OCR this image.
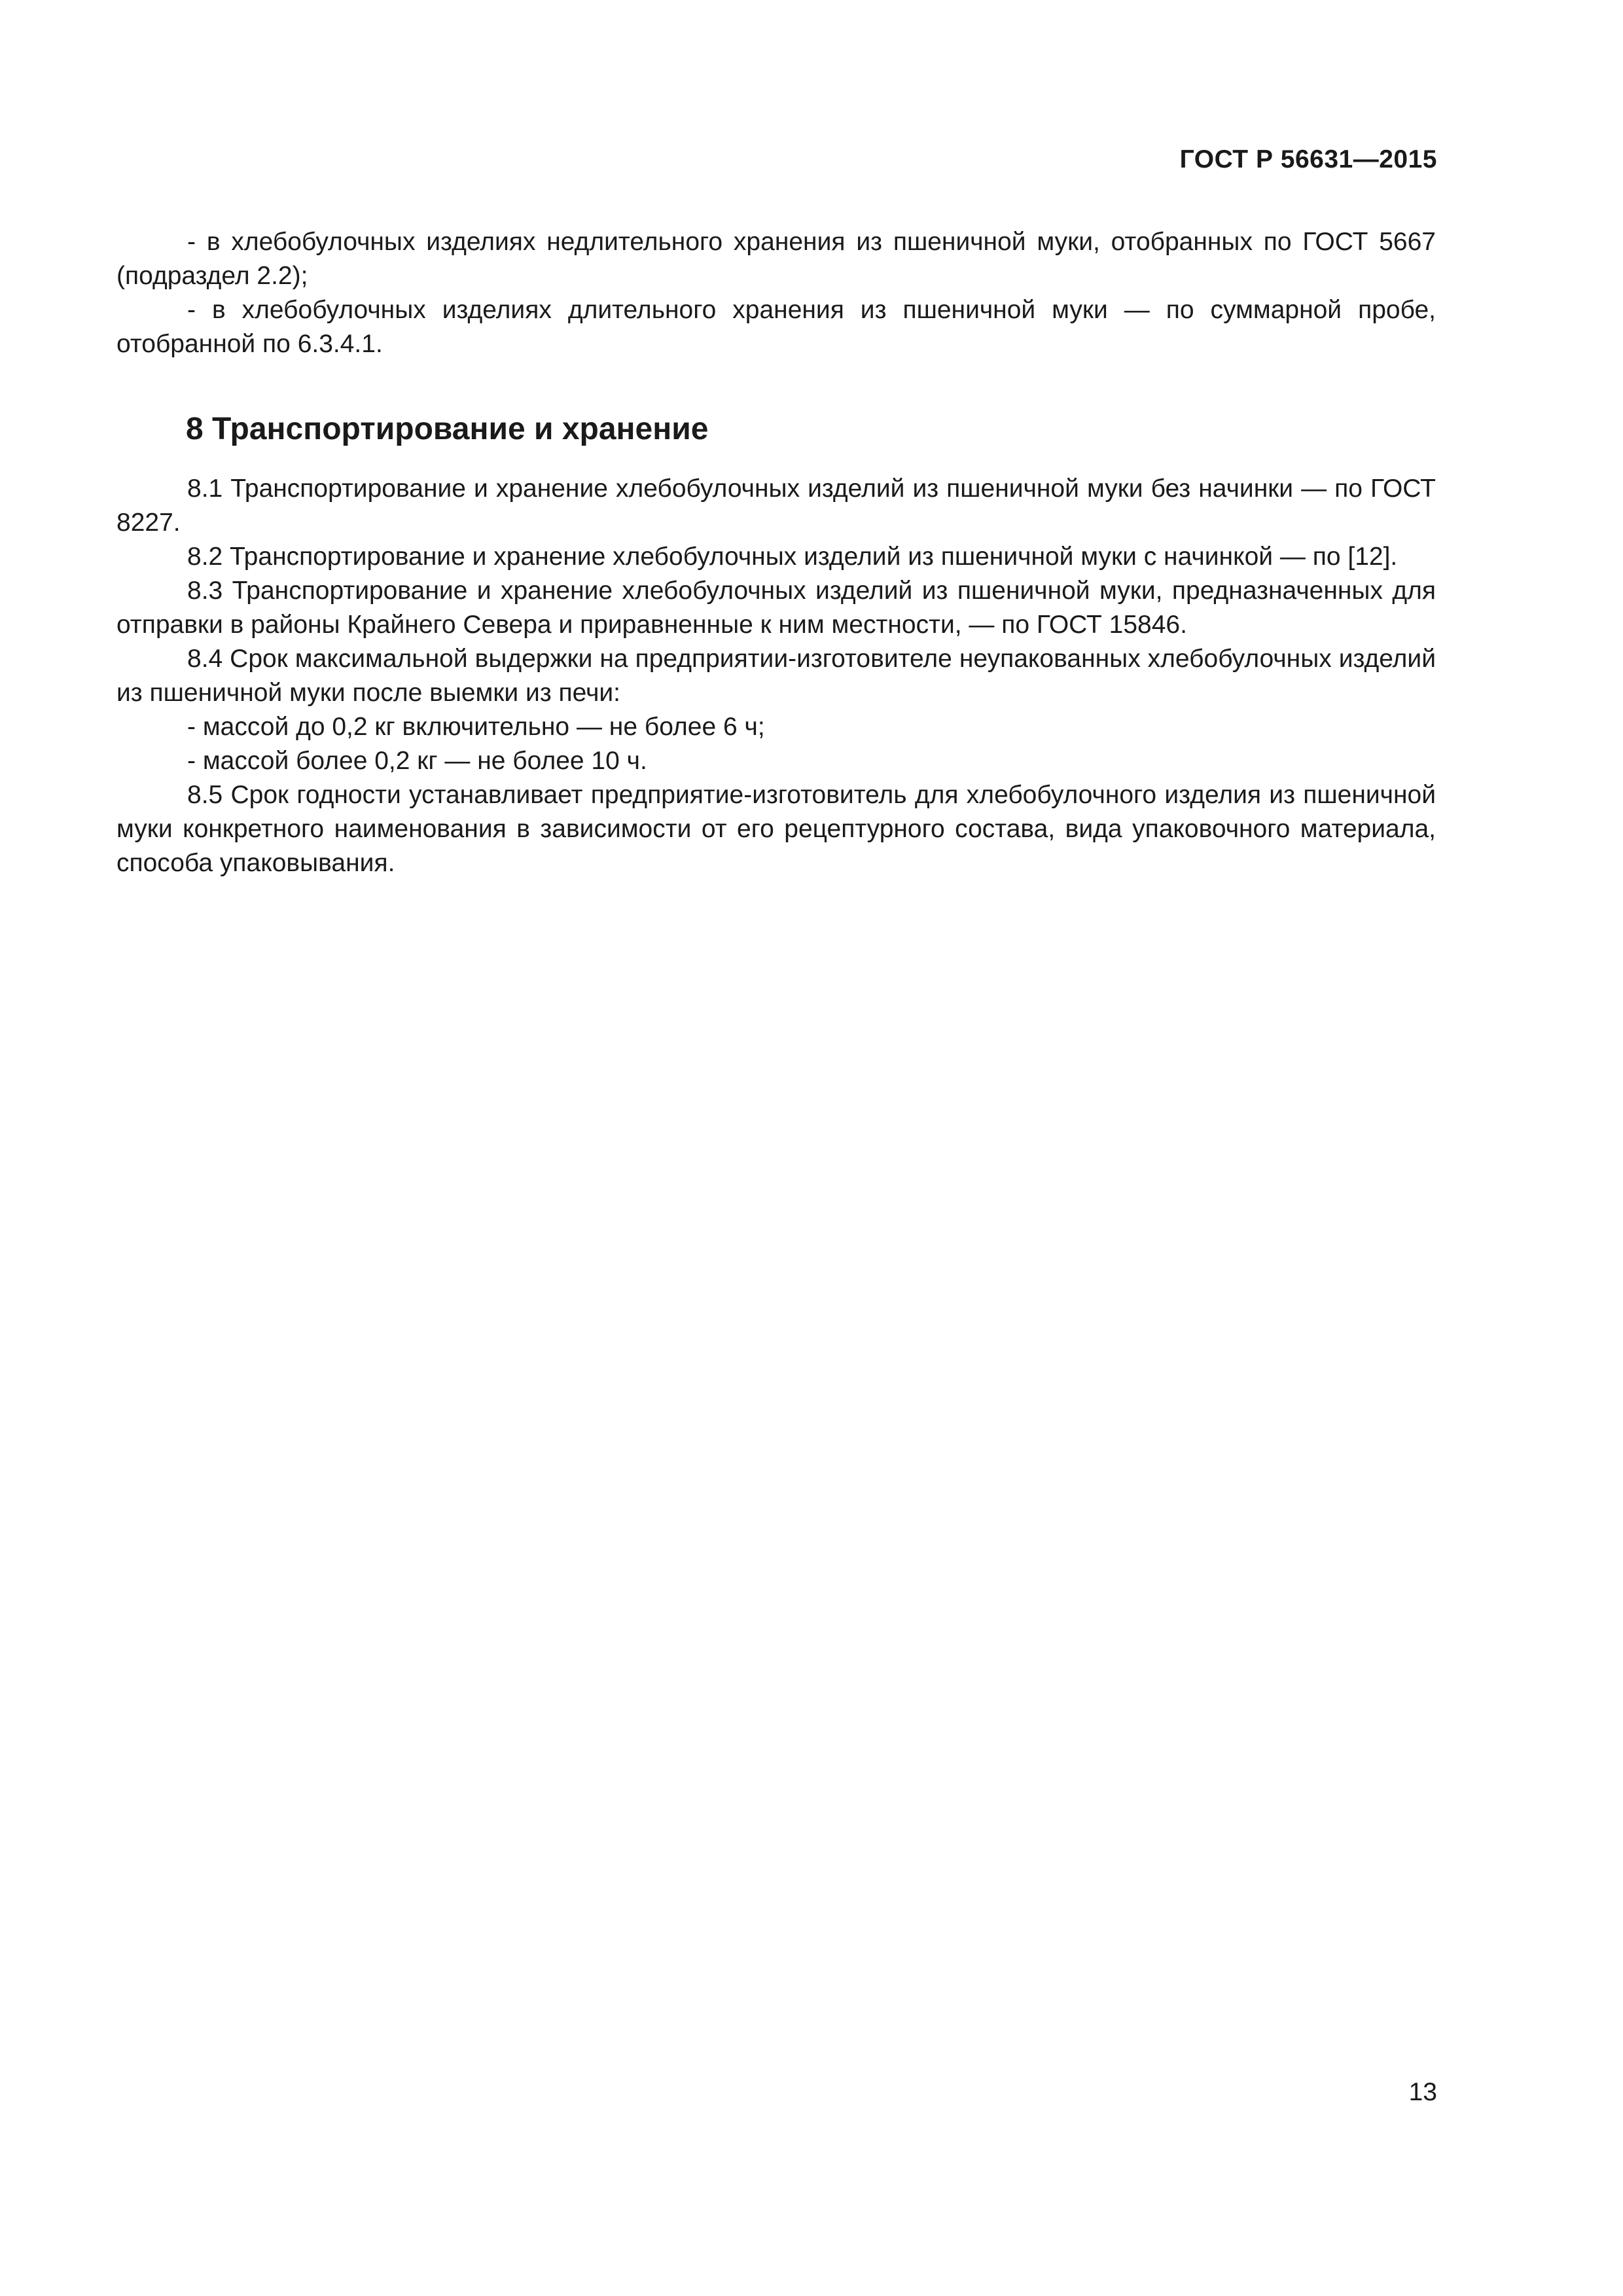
ГОСТ Р 56631—2015

- в хлебобулочных изделиях недлительного хранения из пшеничной муки, отобранных по ГОСТ 5667 (подраздел 2.2);

- в хлебобулочных изделиях длительного хранения из пшеничной муки — по суммарной пробе, отобранной по 6.3.4.1.

8 Транспортирование и хранение

8.1 Транспортирование и хранение хлебобулочных изделий из пшеничной муки без начинки — по ГОСТ 8227.

8.2 Транспортирование и хранение хлебобулочных изделий из пшеничной муки с начинкой — по [12].

8.3 Транспортирование и хранение хлебобулочных изделий из пшеничной муки, предназначенных для отправки в районы Крайнего Севера и приравненные к ним местности, — по ГОСТ 15846.

8.4 Срок максимальной выдержки на предприятии-изготовителе неупакованных хлебобулочных изделий из пшеничной муки после выемки из печи:

- массой до 0,2 кг включительно — не более 6 ч;

- массой более 0,2 кг — не более 10 ч.

8.5 Срок годности устанавливает предприятие-изготовитель для хлебобулочного изделия из пшеничной муки конкретного наименования в зависимости от его рецептурного состава, вида упаковочного материала, способа упаковывания.

13
